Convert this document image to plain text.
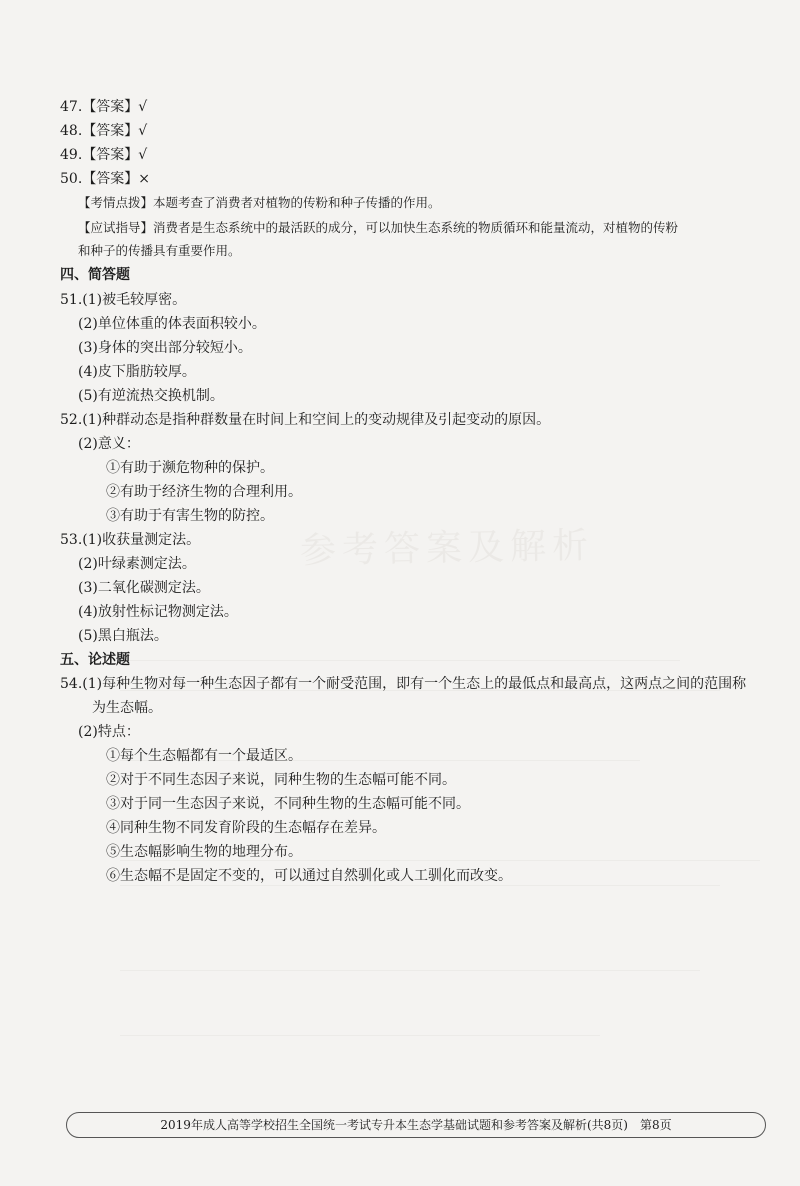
参考答案及解析
47.【答案】√
48.【答案】√
49.【答案】√
50.【答案】×
【考情点拨】本题考查了消费者对植物的传粉和种子传播的作用。
【应试指导】消费者是生态系统中的最活跃的成分，可以加快生态系统的物质循环和能量流动，对植物的传粉
和种子的传播具有重要作用。
四、简答题
51.(1)被毛较厚密。
(2)单位体重的体表面积较小。
(3)身体的突出部分较短小。
(4)皮下脂肪较厚。
(5)有逆流热交换机制。
52.(1)种群动态是指种群数量在时间上和空间上的变动规律及引起变动的原因。
(2)意义：
①有助于濒危物种的保护。
②有助于经济生物的合理利用。
③有助于有害生物的防控。
53.(1)收获量测定法。
(2)叶绿素测定法。
(3)二氧化碳测定法。
(4)放射性标记物测定法。
(5)黑白瓶法。
五、论述题
54.(1)每种生物对每一种生态因子都有一个耐受范围，即有一个生态上的最低点和最高点，这两点之间的范围称
为生态幅。
(2)特点：
①每个生态幅都有一个最适区。
②对于不同生态因子来说，同种生物的生态幅可能不同。
③对于同一生态因子来说，不同种生物的生态幅可能不同。
④同种生物不同发育阶段的生态幅存在差异。
⑤生态幅影响生物的地理分布。
⑥生态幅不是固定不变的，可以通过自然驯化或人工驯化而改变。
2019年成人高等学校招生全国统一考试专升本生态学基础试题和参考答案及解析(共8页) 第8页
